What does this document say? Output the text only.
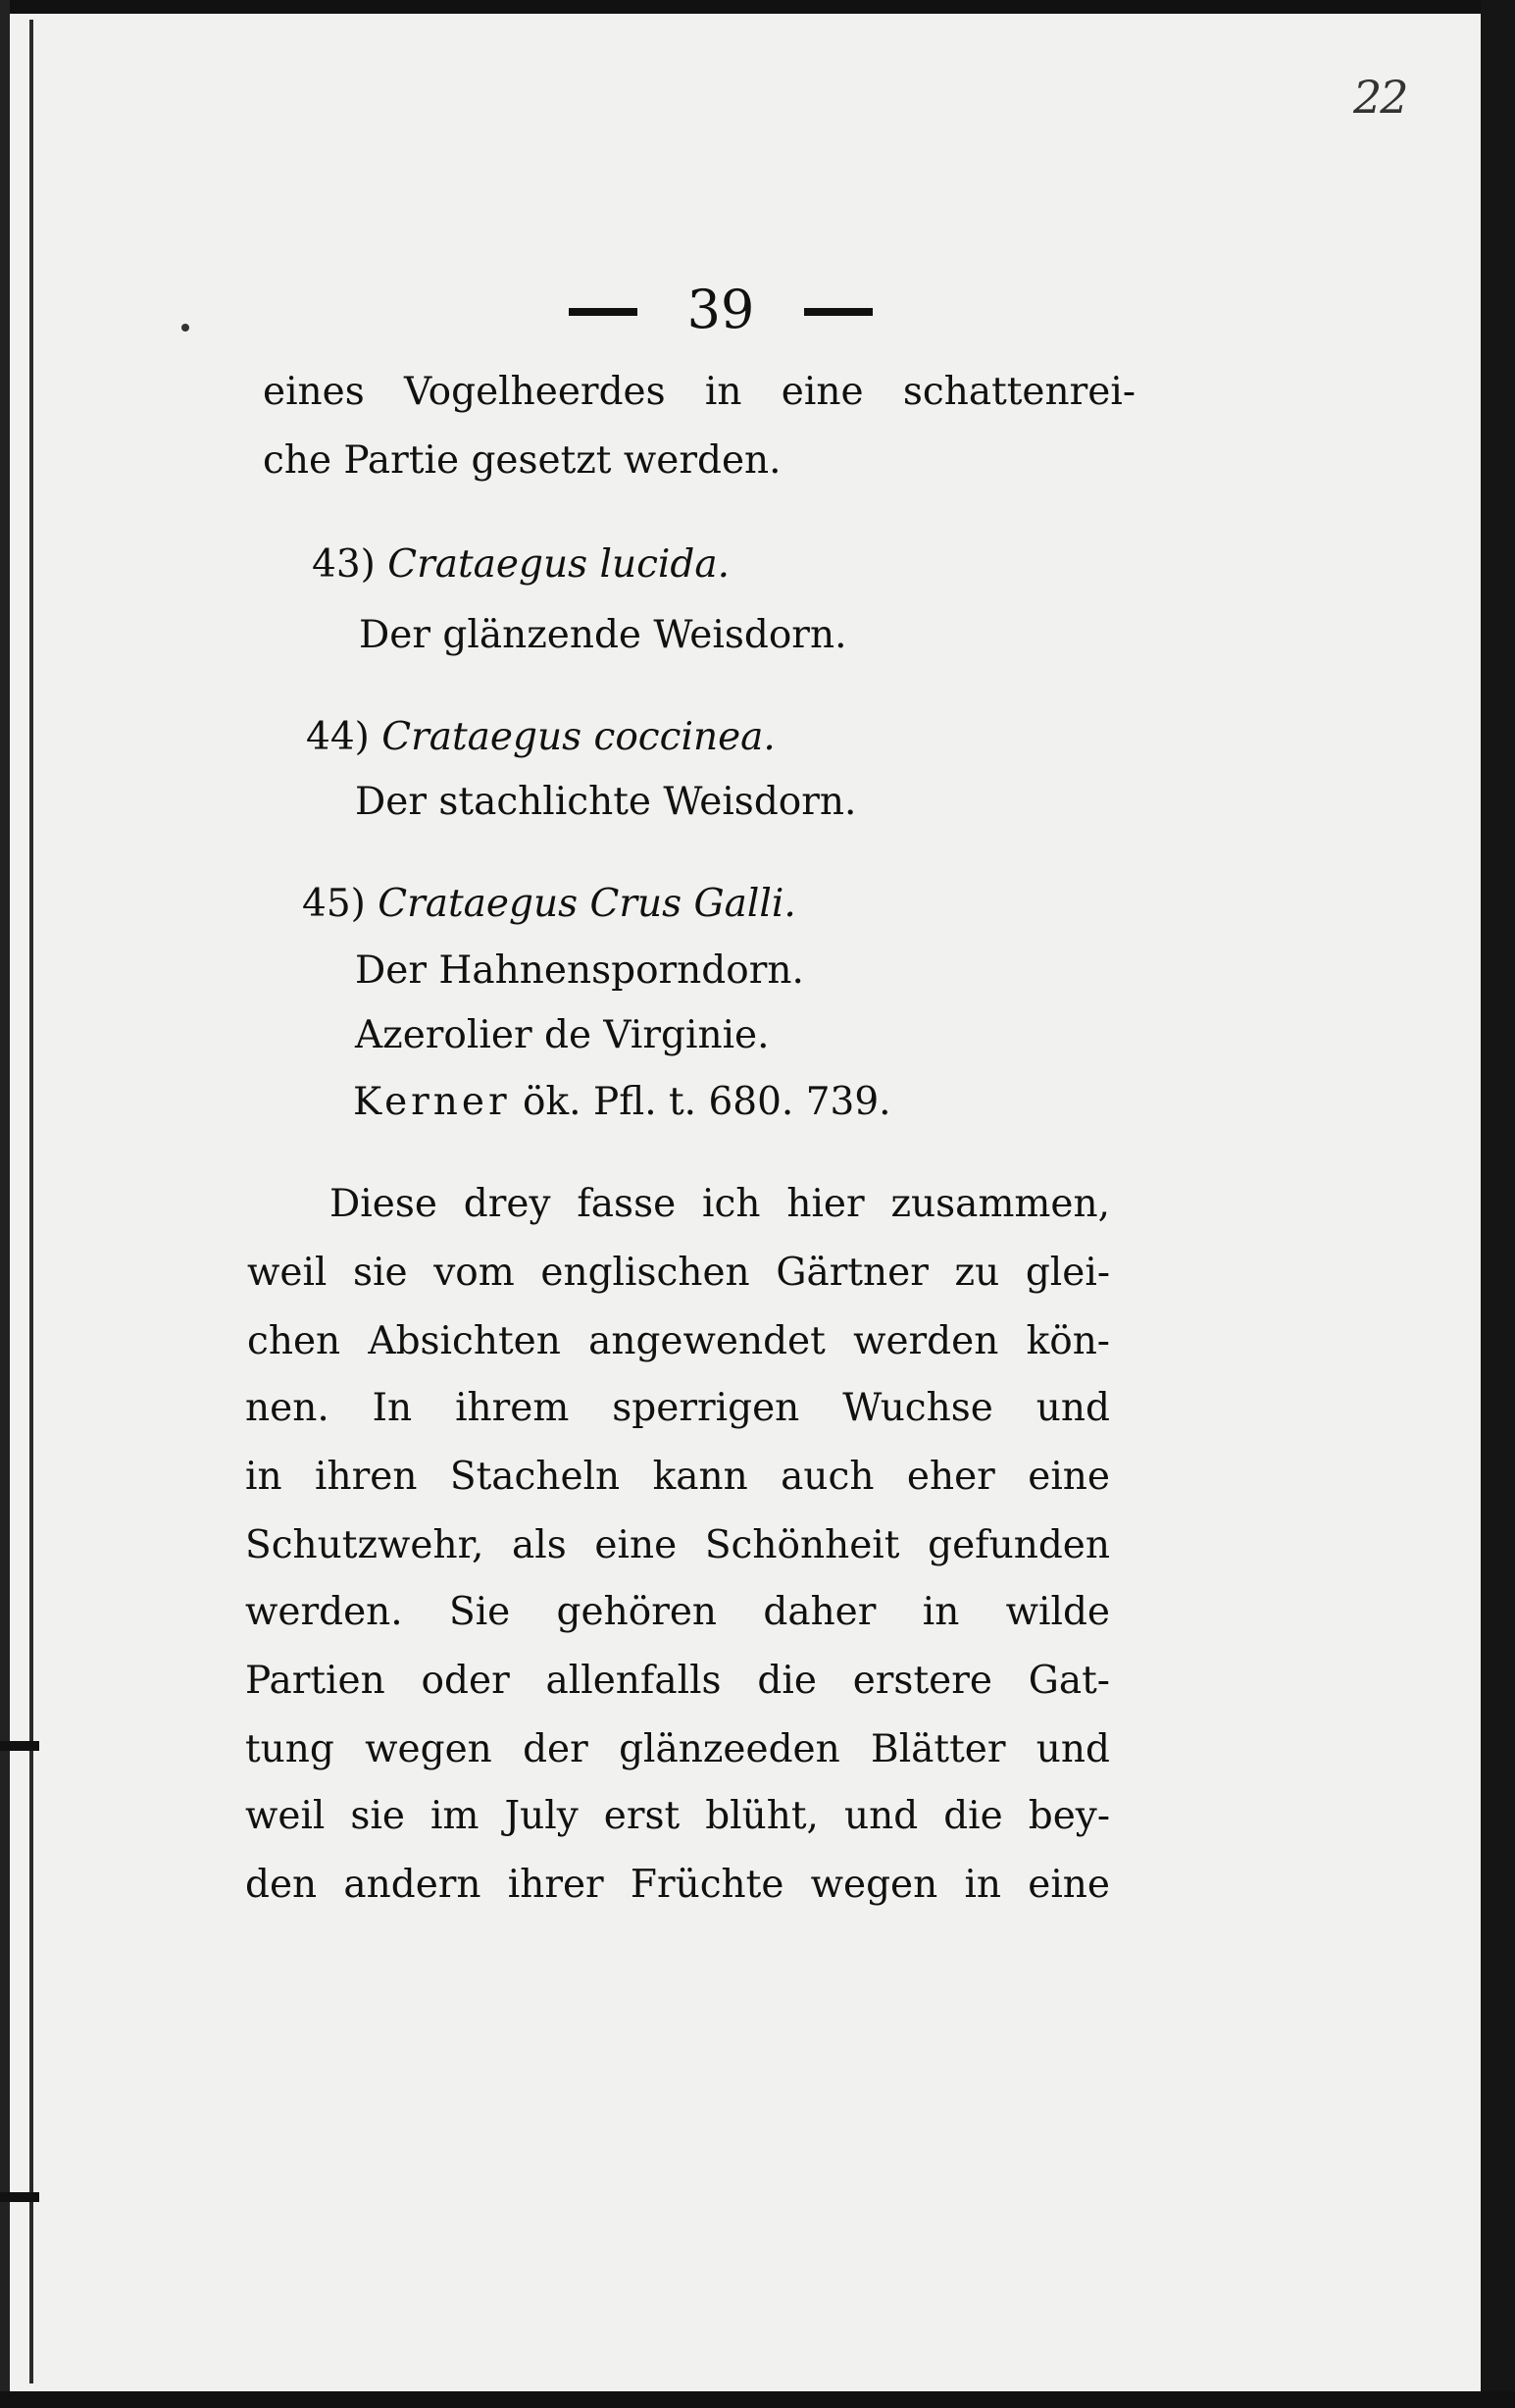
22
39
eines Vogelheerdes in eine schattenrei-
che Partie gesetzt werden.
43) Crataegus lucida.
Der glänzende Weisdorn.
44) Crataegus coccinea.
Der stachlichte Weisdorn.
45) Crataegus Crus Galli.
Der Hahnensporndorn.
Azerolier de Virginie.
Kerner ök. Pfl. t. 680. 739.
Diese drey fasse ich hier zusammen,
weil sie vom englischen Gärtner zu glei-
chen Absichten angewendet werden kön-
nen. In ihrem sperrigen Wuchse und
in ihren Stacheln kann auch eher eine
Schutzwehr, als eine Schönheit gefunden
werden. Sie gehören daher in wilde
Partien oder allenfalls die erstere Gat-
tung wegen der glänzeeden Blätter und
weil sie im July erst blüht, und die bey-
den andern ihrer Früchte wegen in eine
